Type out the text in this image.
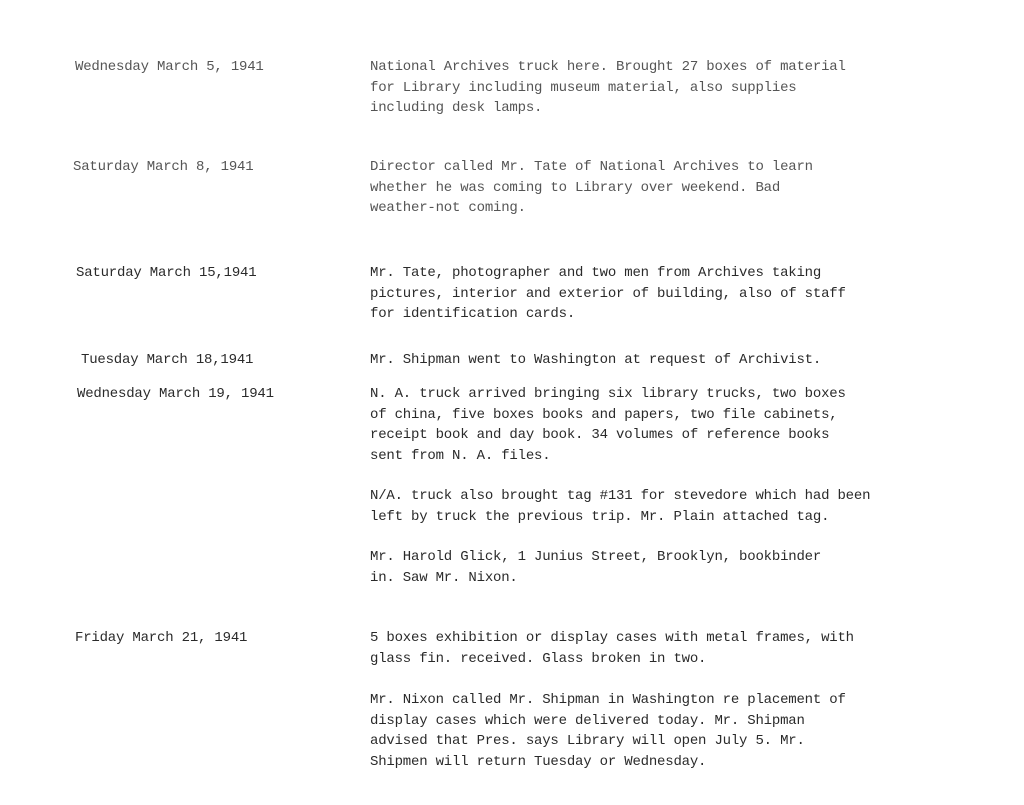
Wednesday March 5, 1941	National Archives truck here. Brought 27 boxes of material
for Library including museum material, also supplies
including desk lamps.
Saturday March 8, 1941	Director called Mr. Tate of National Archives to learn
whether he was coming to Library over weekend. Bad
weather-not coming.
Saturday March 15,1941	Mr. Tate, photographer and two men from Archives taking
pictures, interior and exterior of building, also of staff
for identification cards.
Tuesday March 18,1941	Mr. Shipman went to Washington at request of Archivist.
Wednesday March 19, 1941	N. A. truck arrived bringing six library trucks, two boxes
of china, five boxes books and papers, two file cabinets,
receipt book and day book. 34 volumes of reference books
sent from N. A. files.
N/A. truck also brought tag #131 for stevedore which had been
left by truck the previous trip. Mr. Plain attached tag.
Mr. Harold Glick, 1 Junius Street, Brooklyn, bookbinder
in. Saw Mr. Nixon.
Friday March 21, 1941	5 boxes exhibition or display cases with metal frames, with
glass fin. received. Glass broken in two.
Mr. Nixon called Mr. Shipman in Washington re placement of
display cases which were delivered today. Mr. Shipman
advised that Pres. says Library will open July 5. Mr.
Shipmen will return Tuesday or Wednesday.
